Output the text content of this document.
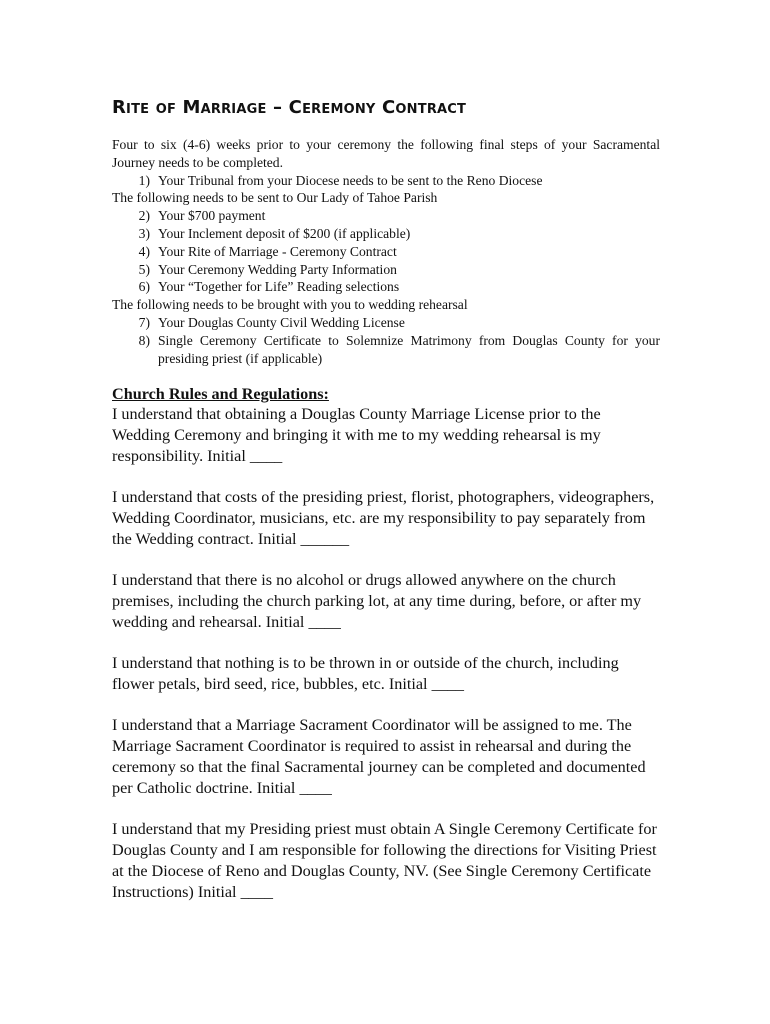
Rite of Marriage – Ceremony Contract

Four to six (4-6) weeks prior to your ceremony the following final steps of your Sacramental Journey needs to be completed.

1) Your Tribunal from your Diocese needs to be sent to the Reno Diocese

The following needs to be sent to Our Lady of Tahoe Parish

2) Your $700 payment
3) Your Inclement deposit of $200 (if applicable)
4) Your Rite of Marriage - Ceremony Contract
5) Your Ceremony Wedding Party Information
6) Your “Together for Life” Reading selections

The following needs to be brought with you to wedding rehearsal

7) Your Douglas County Civil Wedding License
8) Single Ceremony Certificate to Solemnize Matrimony from Douglas County for your presiding priest (if applicable)
Church Rules and Regulations:

I understand that obtaining a Douglas County Marriage License prior to the Wedding Ceremony and bringing it with me to my wedding rehearsal is my responsibility. Initial ____

I understand that costs of the presiding priest, florist, photographers, videographers, Wedding Coordinator, musicians, etc. are my responsibility to pay separately from the Wedding contract. Initial ______

I understand that there is no alcohol or drugs allowed anywhere on the church premises, including the church parking lot, at any time during, before, or after my wedding and rehearsal. Initial ____

I understand that nothing is to be thrown in or outside of the church, including flower petals, bird seed, rice, bubbles, etc. Initial ____

I understand that a Marriage Sacrament Coordinator will be assigned to me. The Marriage Sacrament Coordinator is required to assist in rehearsal and during the ceremony so that the final Sacramental journey can be completed and documented per Catholic doctrine. Initial ____

I understand that my Presiding priest must obtain A Single Ceremony Certificate for Douglas County and I am responsible for following the directions for Visiting Priest at the Diocese of Reno and Douglas County, NV. (See Single Ceremony Certificate Instructions) Initial ____
